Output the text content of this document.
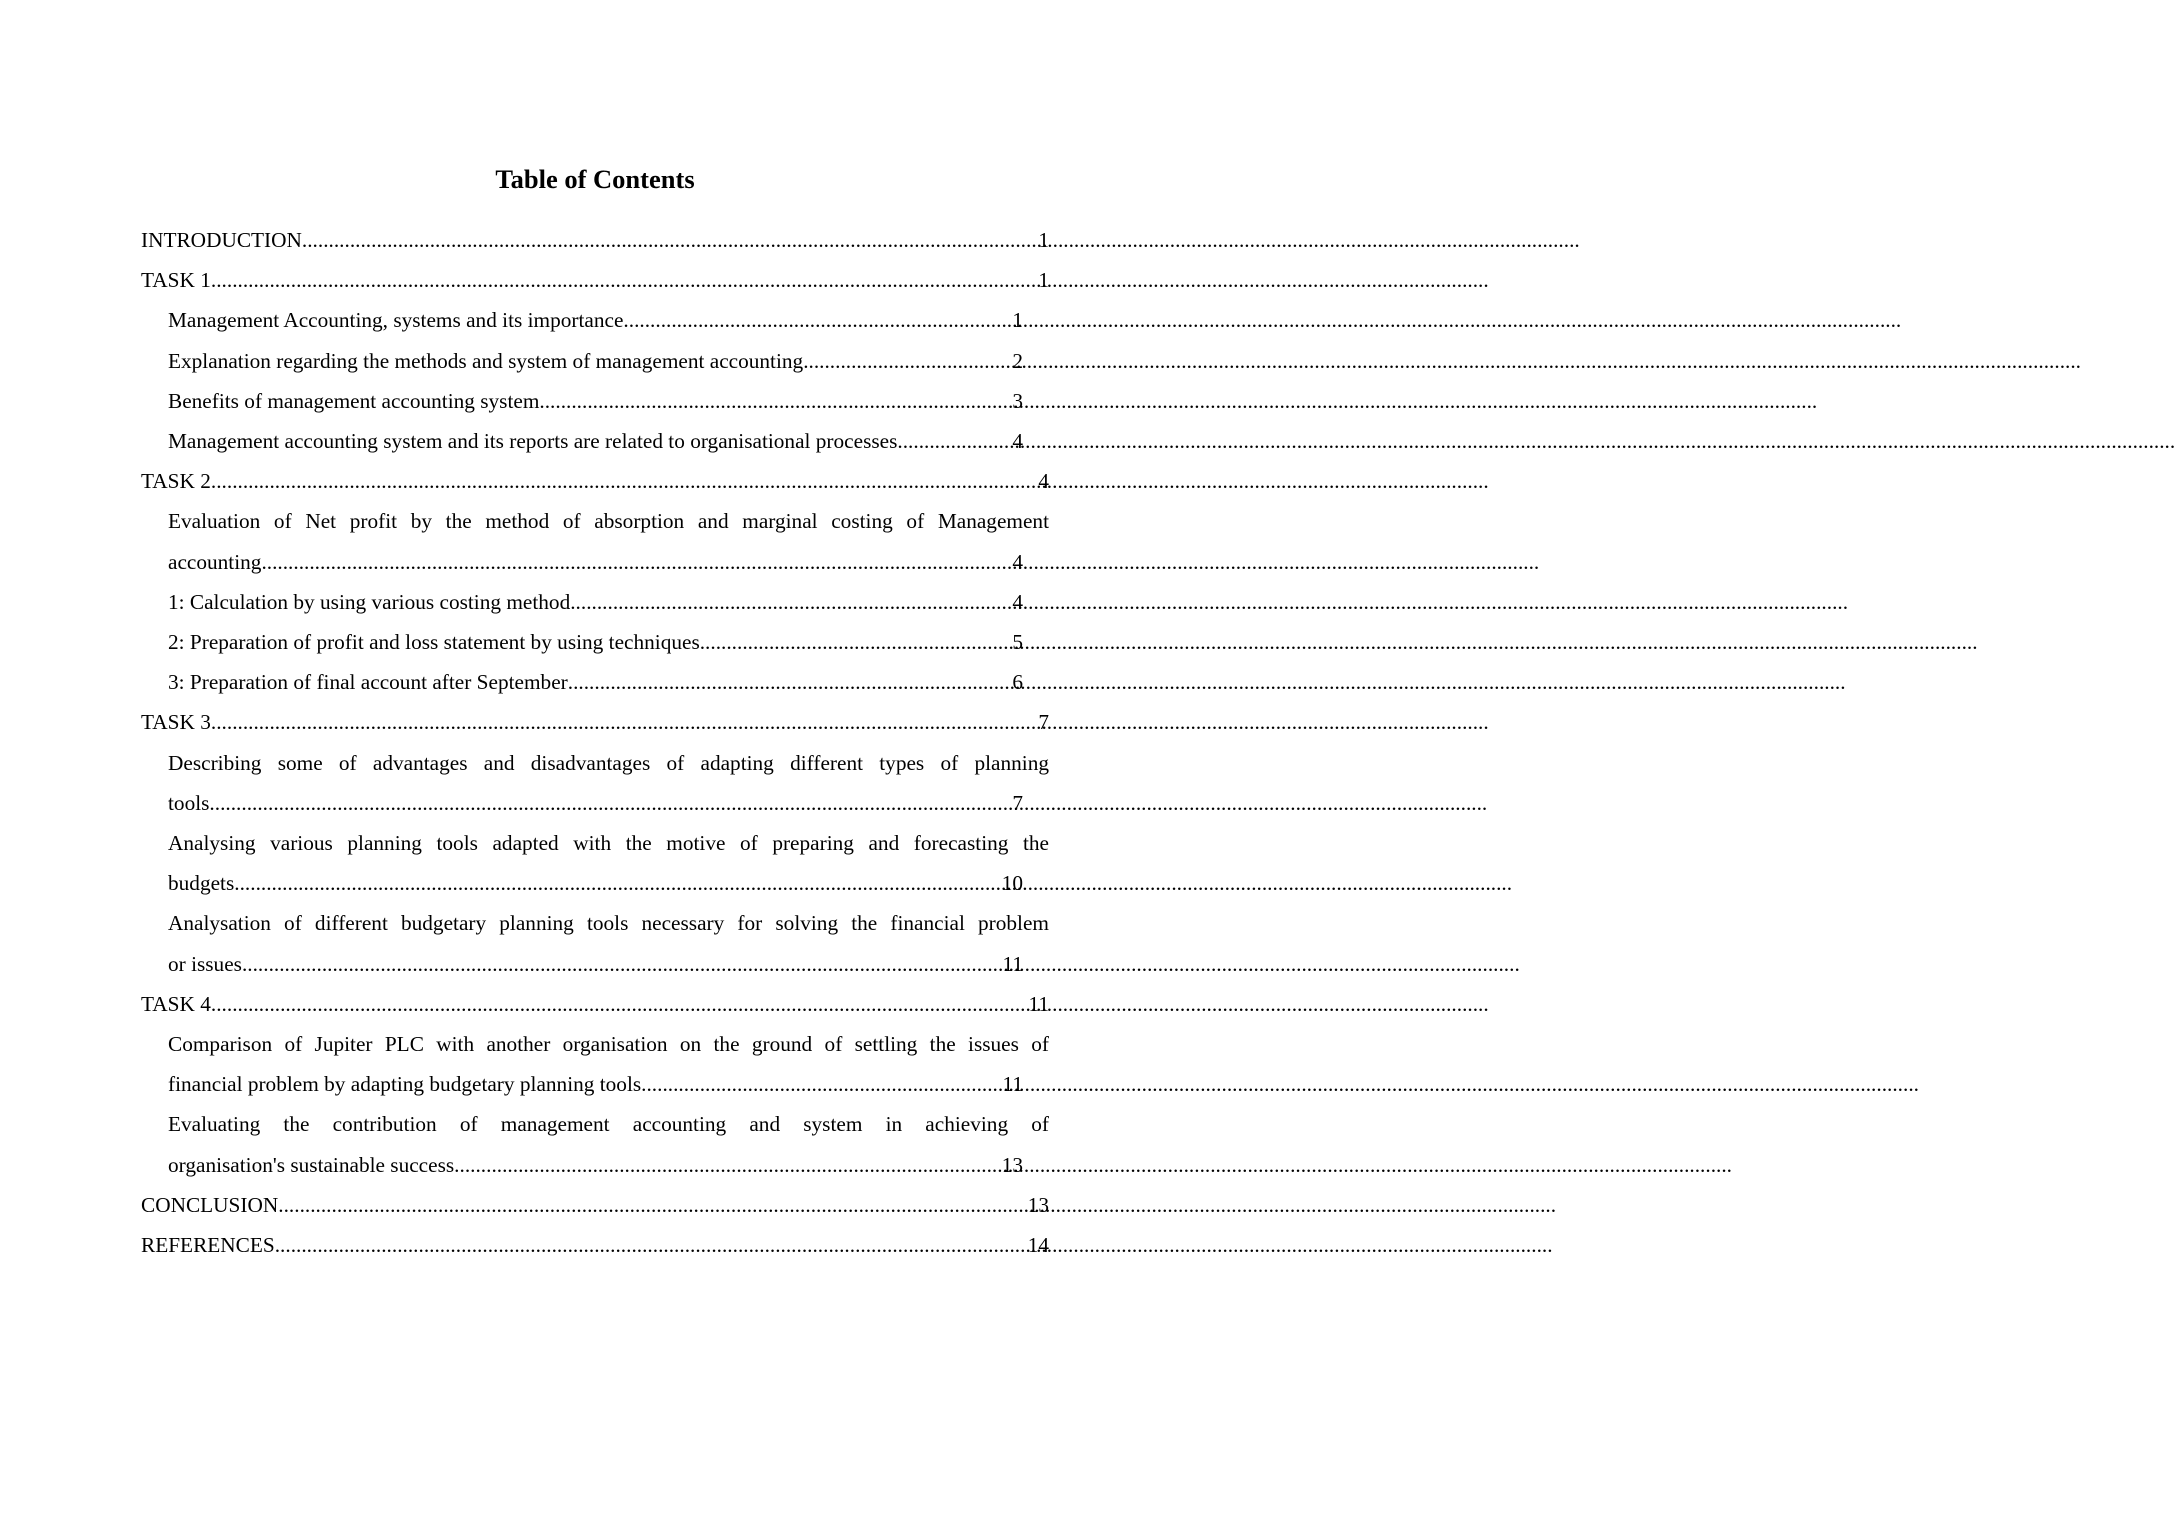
Table of Contents
INTRODUCTION .....	1
TASK 1 .....	1
Management Accounting, systems and its importance .....	1
Explanation regarding the methods and system of management accounting .....	2
Benefits of management accounting system .....	3
Management accounting system and its reports are related to organisational processes .....	4
TASK 2 .....	4
Evaluation of Net profit by the method of absorption and marginal costing of Management
accounting .....	4
1: Calculation by using various costing method .....	4
2: Preparation of profit and loss statement by using techniques .....	5
3: Preparation of final account after September .....	6
TASK 3 .....	7
Describing some of advantages and disadvantages of adapting different types of planning
tools .....	7
Analysing various planning tools adapted with the motive of preparing and forecasting the
budgets .....	10
Analysation of different budgetary planning tools necessary for solving the financial problem
or issues .....	11
TASK 4 .....	11
Comparison of Jupiter PLC with another organisation on the ground of settling the issues of
financial problem by adapting budgetary planning tools .....	11
Evaluating the contribution of management accounting and system in achieving of
organisation's sustainable success .....	13
CONCLUSION .....	13
REFERENCES .....	14
